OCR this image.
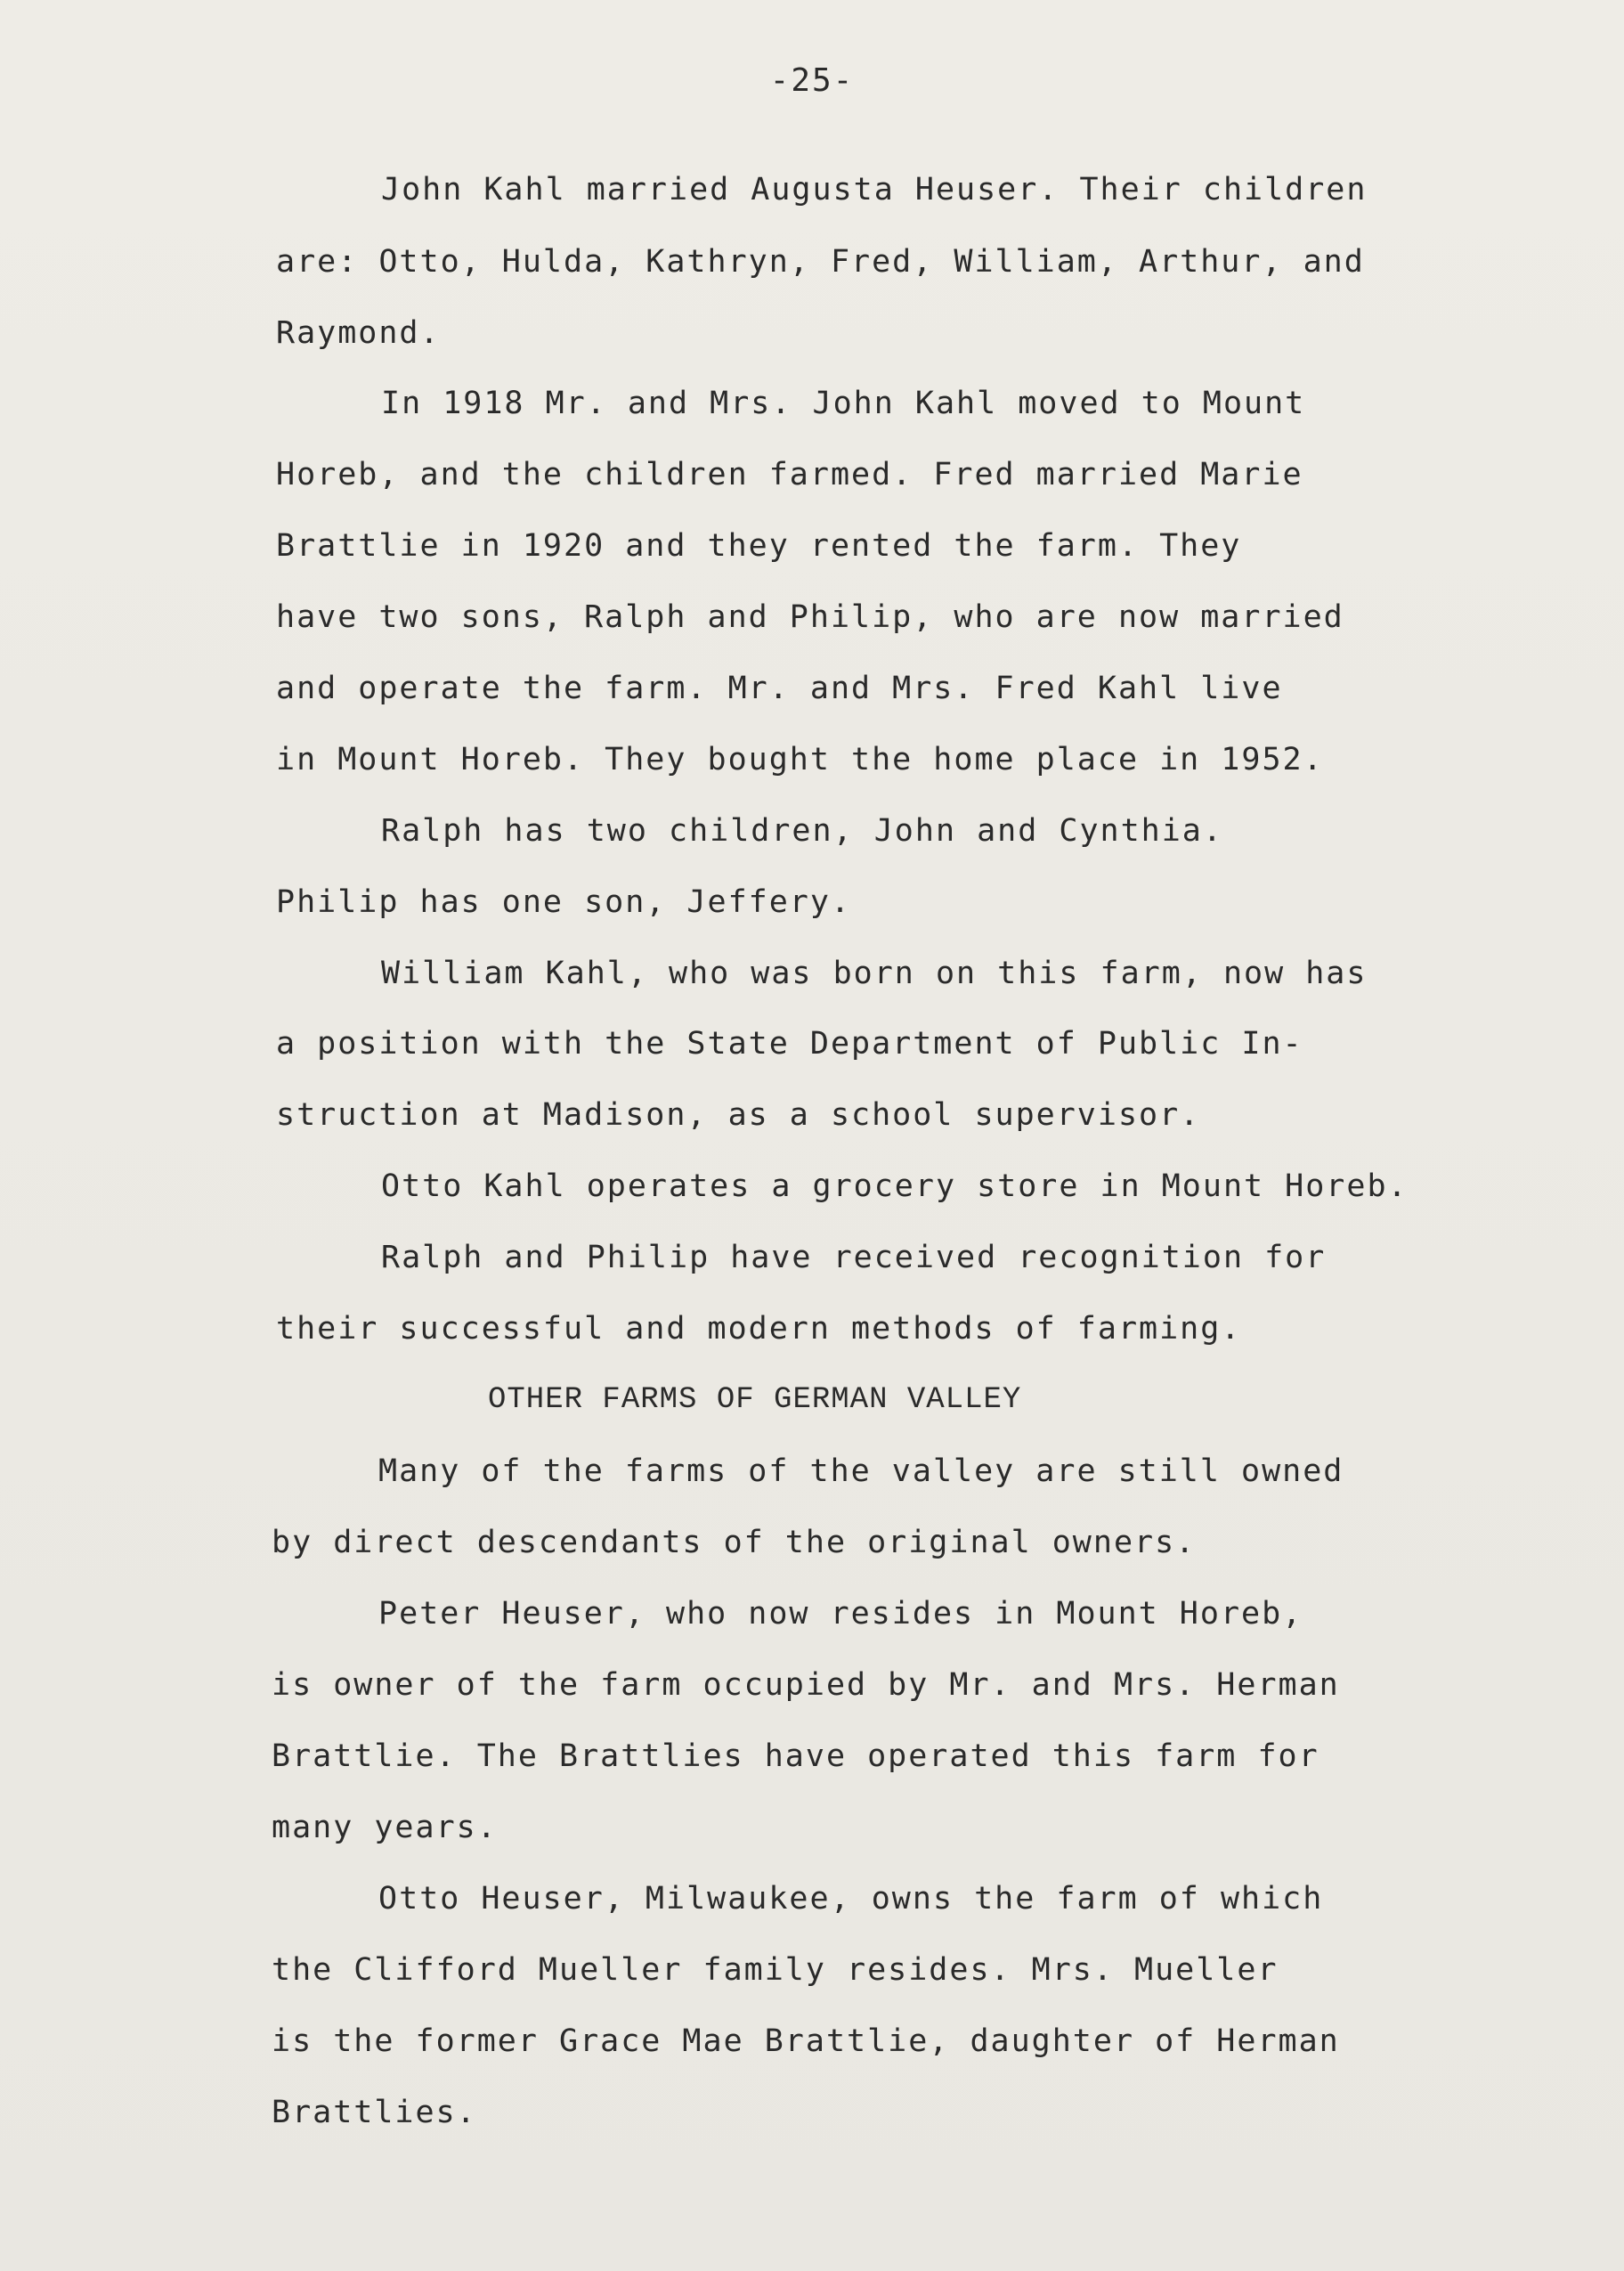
-25-
John Kahl married Augusta Heuser. Their children
are: Otto, Hulda, Kathryn, Fred, William, Arthur, and
Raymond.
In 1918 Mr. and Mrs. John Kahl moved to Mount
Horeb, and the children farmed. Fred married Marie
Brattlie in 1920 and they rented the farm. They
have two sons, Ralph and Philip, who are now married
and operate the farm. Mr. and Mrs. Fred Kahl live
in Mount Horeb. They bought the home place in 1952.
Ralph has two children, John and Cynthia.
Philip has one son, Jeffery.
William Kahl, who was born on this farm, now has
a position with the State Department of Public In-
struction at Madison, as a school supervisor.
Otto Kahl operates a grocery store in Mount Horeb.
Ralph and Philip have received recognition for
their successful and modern methods of farming.
OTHER FARMS OF GERMAN VALLEY
Many of the farms of the valley are still owned
by direct descendants of the original owners.
Peter Heuser, who now resides in Mount Horeb,
is owner of the farm occupied by Mr. and Mrs. Herman
Brattlie. The Brattlies have operated this farm for
many years.
Otto Heuser, Milwaukee, owns the farm of which
the Clifford Mueller family resides. Mrs. Mueller
is the former Grace Mae Brattlie, daughter of Herman
Brattlies.
